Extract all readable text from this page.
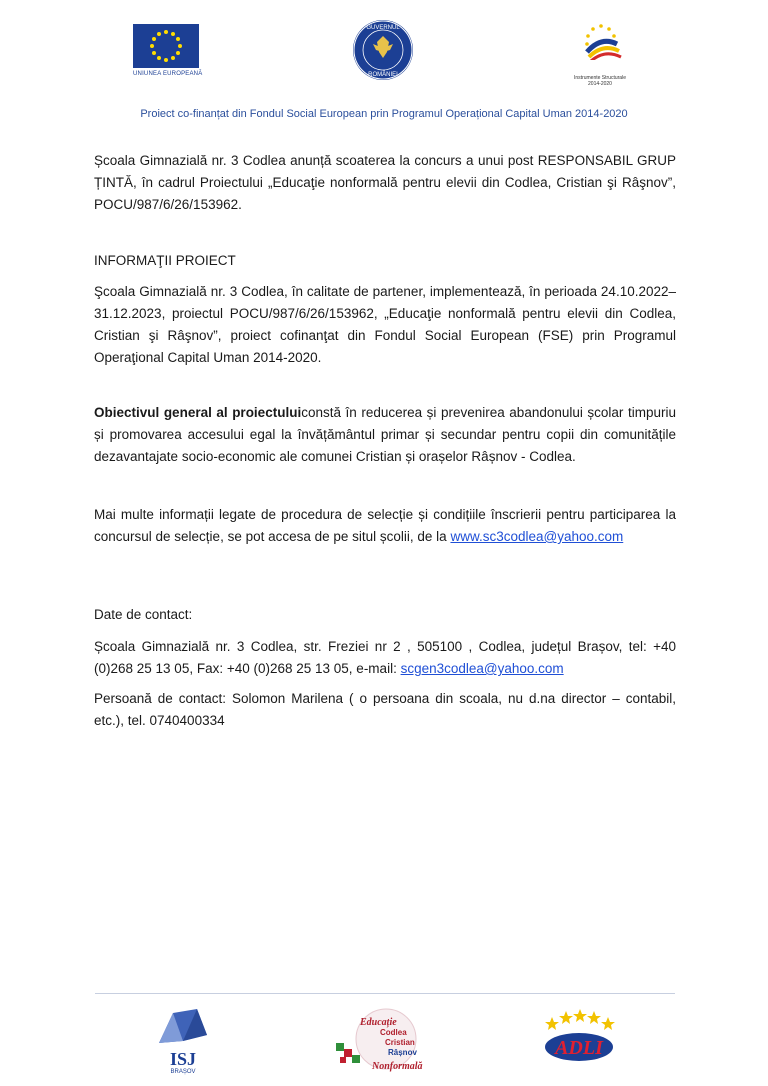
UNIUNEA EUROPEANĂ
GUVERNUL
ROMÂNIEI	Instrumente Structurale
2014-2020
Proiect co-finanțat din Fondul Social European prin Programul Operațional Capital Uman 2014-2020

Școala Gimnazială nr. 3 Codlea anunță scoaterea la concurs a unui post RESPONSABIL GRUP ȚINTĂ, în cadrul Proiectului „Educaţie nonformală pentru elevii din Codlea, Cristian şi Râşnov”, POCU/987/6/26/153962.

INFORMAŢII PROIECT

Şcoala Gimnazială nr. 3 Codlea, în calitate de partener, implementează, în perioada 24.10.2022–31.12.2023, proiectul POCU/987/6/26/153962, „Educaţie nonformală pentru elevii din Codlea, Cristian şi Râşnov”, proiect cofinanţat din Fondul Social European (FSE) prin Programul Operaţional Capital Uman 2014-2020.

Obiectivul general al proiectuluiconstă în reducerea și prevenirea abandonului școlar timpuriu și promovarea accesului egal la învățământul primar și secundar pentru copii din comunitățile dezavantajate socio-economic ale comunei Cristian și orașelor Râșnov - Codlea.

Mai multe informații legate de procedura de selecție și condițiile înscrierii pentru participarea la concursul de selecție, se pot accesa de pe situl școlii, de la www.sc3codlea@yahoo.com

Date de contact:

Școala Gimnazială nr. 3 Codlea, str. Freziei nr 2 , 505100 , Codlea, județul Brașov, tel: +40 (0)268 25 13 05, Fax: +40 (0)268 25 13 05, e-mail: scgen3codlea@yahoo.com

Persoană de contact: Solomon Marilena ( o persoana din scoala, nu d.na director – contabil, etc.), tel. 0740400334

ISJ
BRAȘOV
Educație
Codlea
Cristian
Râșnov
Nonformală
ADLI
